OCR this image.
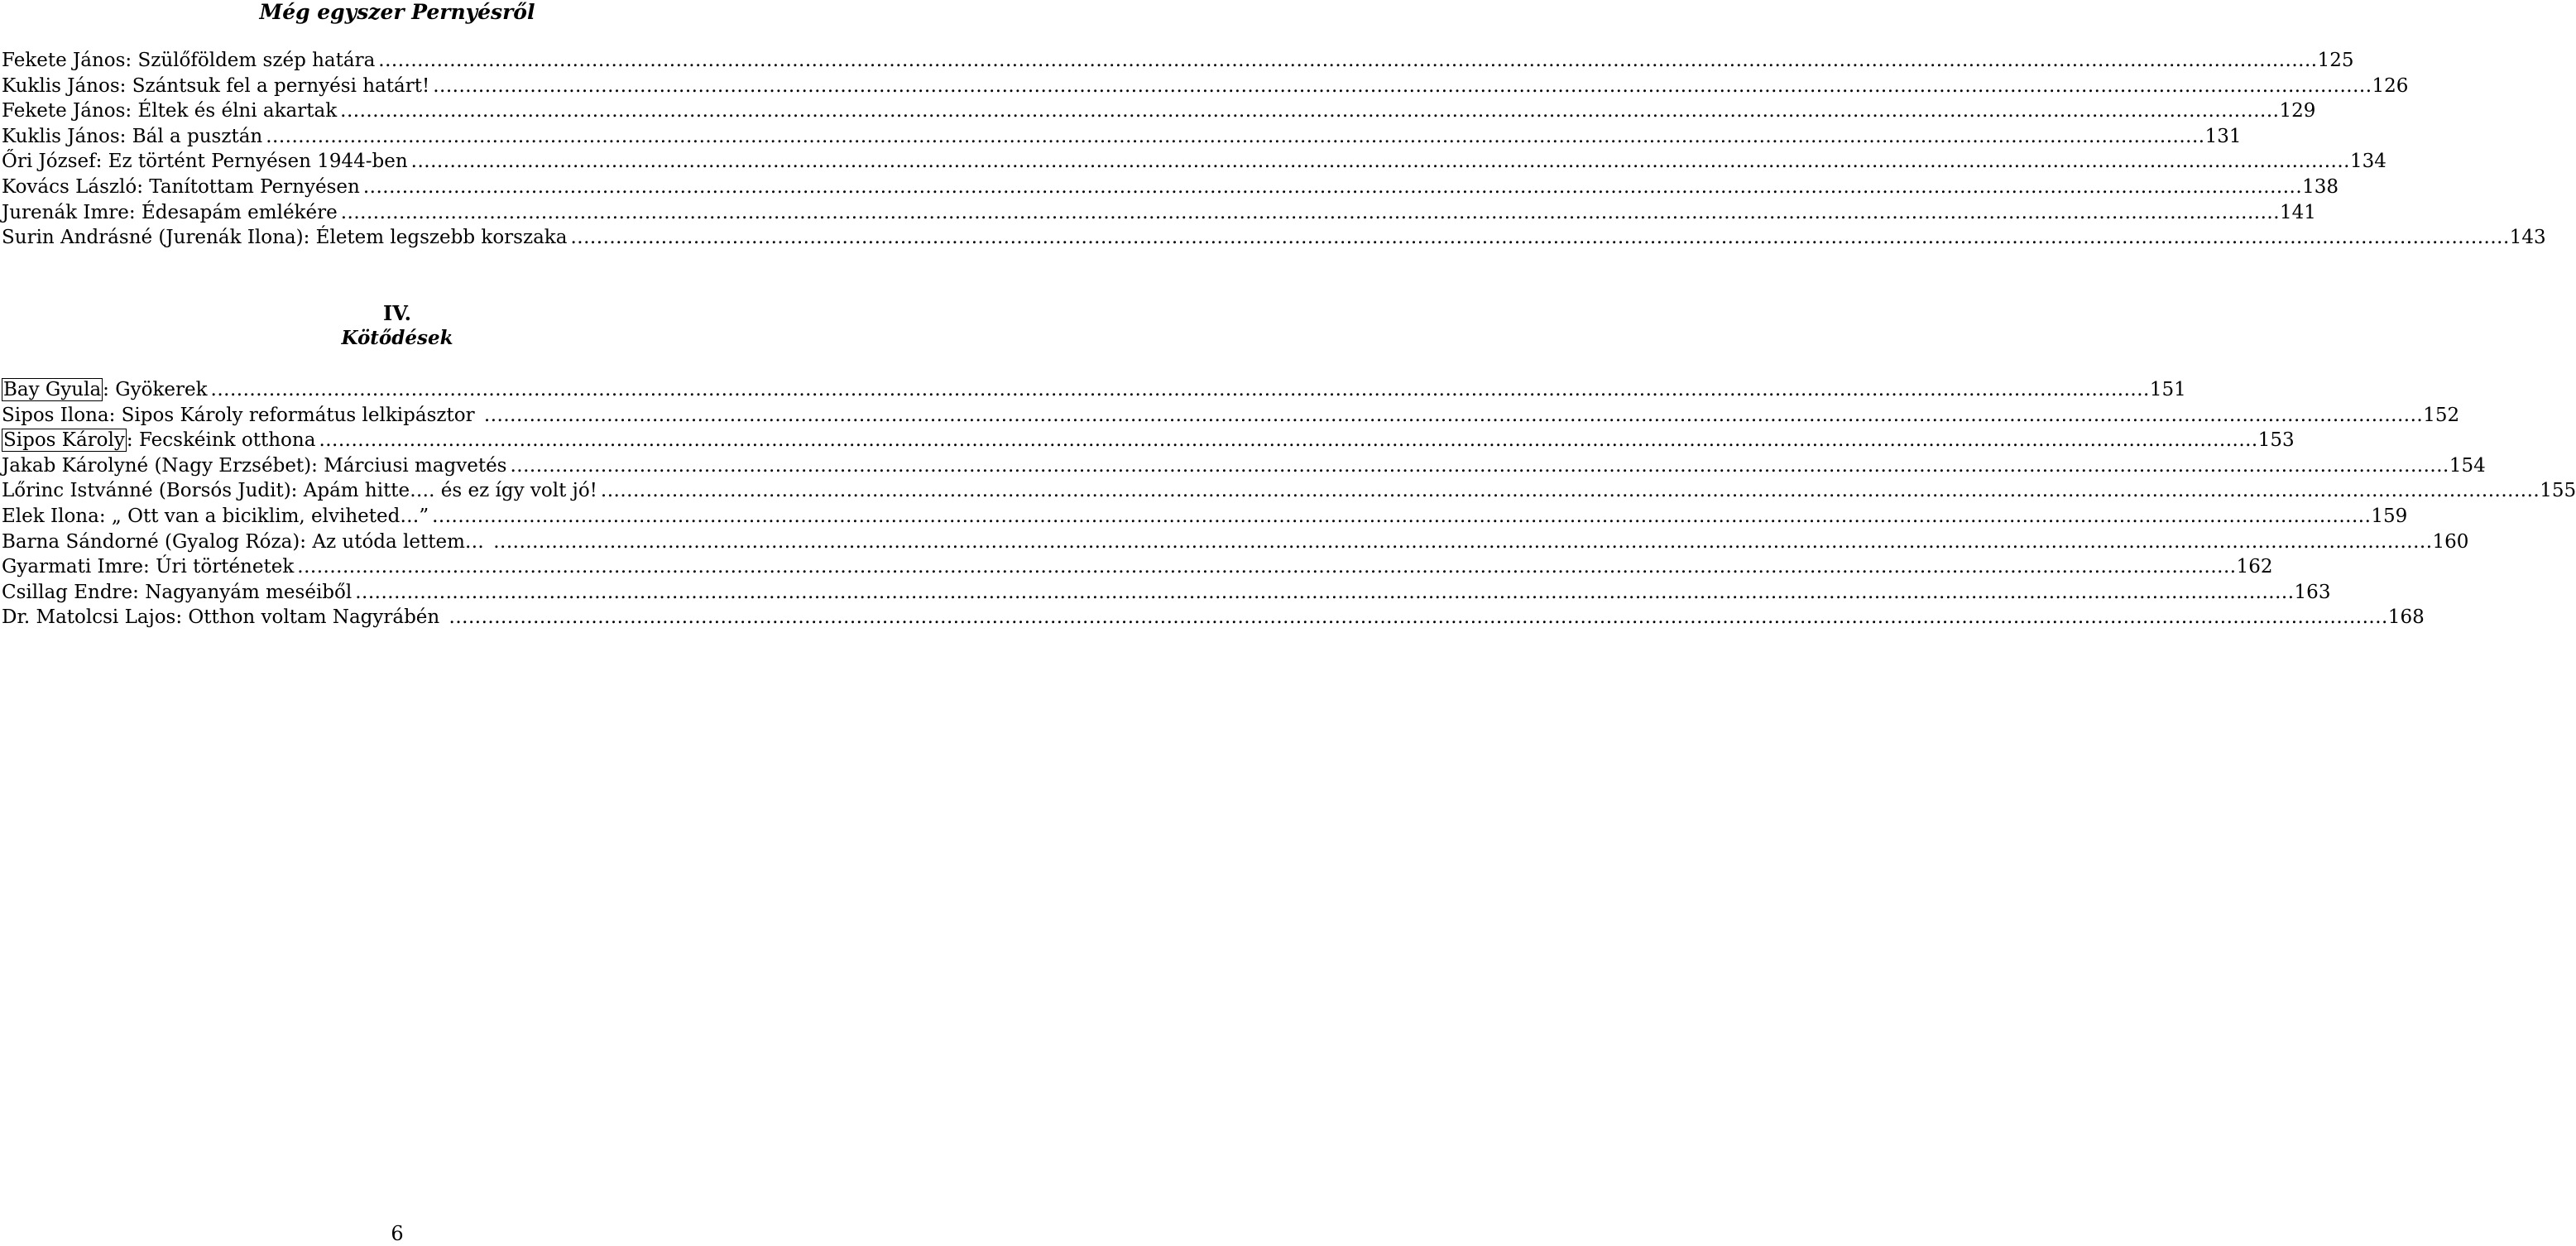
Még egyszer Pernyésről
Fekete János: Szülőföldem szép határa ............................................................................................................................................................................................................................................................................................................ 125
Kuklis János: Szántsuk fel a pernyési határt! ............................................................................................................................................................................................................................................................................................................ 126
Fekete János: Éltek és élni akartak ............................................................................................................................................................................................................................................................................................................ 129
Kuklis János: Bál a pusztán ............................................................................................................................................................................................................................................................................................................ 131
Őri József: Ez történt Pernyésen 1944-ben ............................................................................................................................................................................................................................................................................................................ 134
Kovács László: Tanítottam Pernyésen ............................................................................................................................................................................................................................................................................................................ 138
Jurenák Imre: Édesapám emlékére ............................................................................................................................................................................................................................................................................................................ 141
Surin Andrásné (Jurenák Ilona): Életem legszebb korszaka ............................................................................................................................................................................................................................................................................................................ 143
IV.
Kötődések
Bay Gyula: Gyökerek ............................................................................................................................................................................................................................................................................................................ 151
Sipos Ilona: Sipos Károly református lelkipásztor ............................................................................................................................................................................................................................................................................................................ 152
Sipos Károly: Fecskéink otthona ............................................................................................................................................................................................................................................................................................................ 153
Jakab Károlyné (Nagy Erzsébet): Márciusi magvetés ............................................................................................................................................................................................................................................................................................................ 154
Lőrinc Istvánné (Borsós Judit): Apám hitte…. és ez így volt jó! ............................................................................................................................................................................................................................................................................................................ 155
Elek Ilona: „ Ott van a biciklim, elviheted…” ............................................................................................................................................................................................................................................................................................................ 159
Barna Sándorné (Gyalog Róza): Az utóda lettem… ............................................................................................................................................................................................................................................................................................................ 160
Gyarmati Imre: Úri történetek ............................................................................................................................................................................................................................................................................................................ 162
Csillag Endre: Nagyanyám meséiből ............................................................................................................................................................................................................................................................................................................ 163
Dr. Matolcsi Lajos: Otthon voltam Nagyrábén ............................................................................................................................................................................................................................................................................................................ 168
6
